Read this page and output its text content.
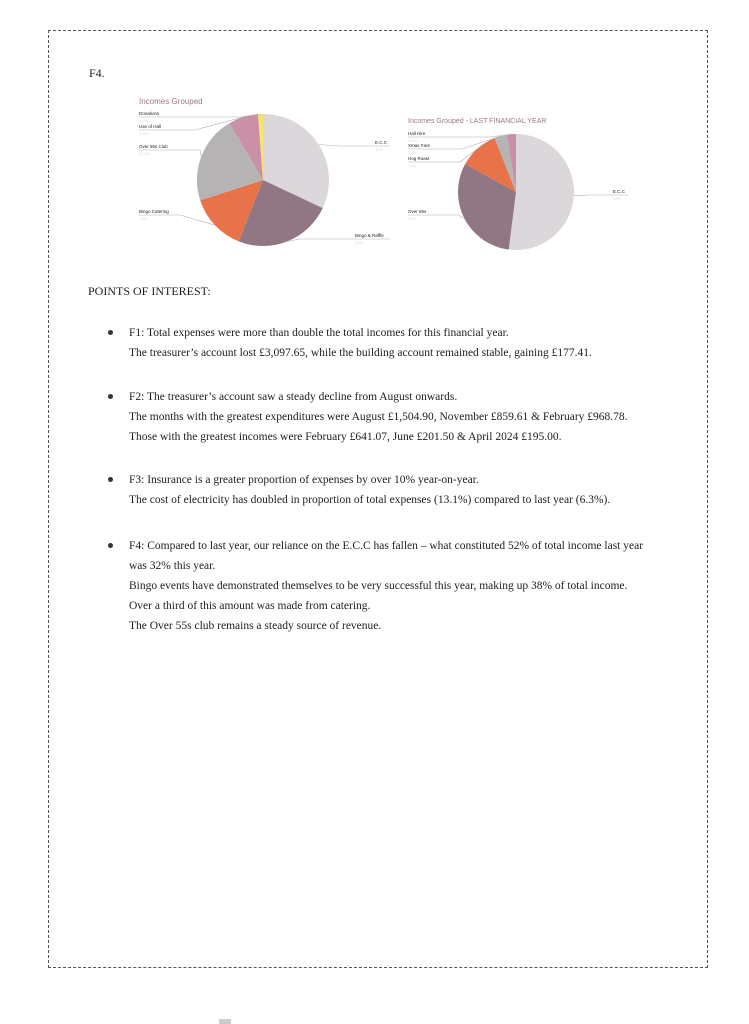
F4.
Incomes Grouped
E.C.C
32%
Bingo & Raffle
24%
Bingo Catering
14%
Over 55s Club
21.5%
Use of Hall
7.3%
Donations
1.2%	Incomes Grouped - LAST FINANCIAL YEAR
E.C.C
52%
Over 55s
31%
Hog Roast
11%
Xmas Fare
3.5%
Hall Hire
2.5%
POINTS OF INTEREST:
F1: Total expenses were more than double the total incomes for this financial year.
The treasurer’s account lost £3,097.65, while the building account remained stable, gaining £177.41.
F2: The treasurer’s account saw a steady decline from August onwards.
The months with the greatest expenditures were August £1,504.90, November £859.61 & February £968.78.
Those with the greatest incomes were February £641.07, June £201.50 & April 2024 £195.00.
F3: Insurance is a greater proportion of expenses by over 10% year-on-year.
The cost of electricity has doubled in proportion of total expenses (13.1%) compared to last year (6.3%).
F4: Compared to last year, our reliance on the E.C.C has fallen – what constituted 52% of total income last year was 32% this year.
Bingo events have demonstrated themselves to be very successful this year, making up 38% of total income.
Over a third of this amount was made from catering.
The Over 55s club remains a steady source of revenue.
